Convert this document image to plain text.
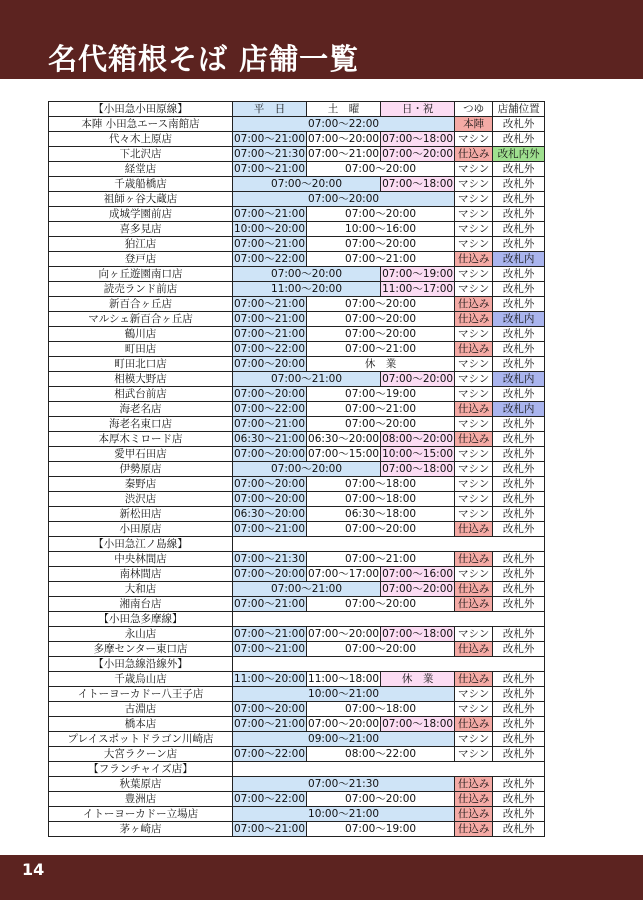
名代箱根そば 店舗一覧
【小田急小田原線】	平　日	土　曜	日・祝	つゆ	店舗位置
本陣 小田急エース南館店	07:00〜22:00			本陣	改札外
代々木上原店	07:00〜21:00	07:00〜20:00	07:00〜18:00	マシン	改札外
下北沢店	07:00〜21:30	07:00〜21:00	07:00〜20:00	仕込み	改札内外
経堂店	07:00〜21:00	07:00〜20:00		マシン	改札外
千歳船橋店	07:00〜20:00		07:00〜18:00	マシン	改札外
祖師ヶ谷大蔵店	07:00〜20:00			マシン	改札外
成城学園前店	07:00〜21:00	07:00〜20:00		マシン	改札外
喜多見店	10:00〜20:00	10:00〜16:00		マシン	改札外
狛江店	07:00〜21:00	07:00〜20:00		マシン	改札外
登戸店	07:00〜22:00	07:00〜21:00		仕込み	改札内
向ヶ丘遊園南口店	07:00〜20:00		07:00〜19:00	マシン	改札外
読売ランド前店	11:00〜20:00		11:00〜17:00	マシン	改札外
新百合ヶ丘店	07:00〜21:00	07:00〜20:00		仕込み	改札外
マルシェ新百合ヶ丘店	07:00〜21:00	07:00〜20:00		仕込み	改札内
鶴川店	07:00〜21:00	07:00〜20:00		マシン	改札外
町田店	07:00〜22:00	07:00〜21:00		仕込み	改札外
町田北口店	07:00〜20:00	休　業		マシン	改札外
相模大野店	07:00〜21:00		07:00〜20:00	マシン	改札内
相武台前店	07:00〜20:00	07:00〜19:00		マシン	改札外
海老名店	07:00〜22:00	07:00〜21:00		仕込み	改札内
海老名東口店	07:00〜21:00	07:00〜20:00		マシン	改札外
本厚木ミロード店	06:30〜21:00	06:30〜20:00	08:00〜20:00	仕込み	改札外
愛甲石田店	07:00〜20:00	07:00〜15:00	10:00〜15:00	マシン	改札外
伊勢原店	07:00〜20:00		07:00〜18:00	マシン	改札外
秦野店	07:00〜20:00	07:00〜18:00		マシン	改札外
渋沢店	07:00〜20:00	07:00〜18:00		マシン	改札外
新松田店	06:30〜20:00	06:30〜18:00		マシン	改札外
小田原店	07:00〜21:00	07:00〜20:00		仕込み	改札外
【小田急江ノ島線】					
中央林間店	07:00〜21:30	07:00〜21:00		仕込み	改札外
南林間店	07:00〜20:00	07:00〜17:00	07:00〜16:00	マシン	改札外
大和店	07:00〜21:00		07:00〜20:00	仕込み	改札外
湘南台店	07:00〜21:00	07:00〜20:00		仕込み	改札外
【小田急多摩線】					
永山店	07:00〜21:00	07:00〜20:00	07:00〜18:00	マシン	改札外
多摩センター東口店	07:00〜21:00	07:00〜20:00		仕込み	改札外
【小田急線沿線外】					
千歳烏山店	11:00〜20:00	11:00〜18:00	休　業	仕込み	改札外
イトーヨーカドー八王子店	10:00〜21:00			マシン	改札外
古淵店	07:00〜20:00	07:00〜18:00		マシン	改札外
橋本店	07:00〜21:00	07:00〜20:00	07:00〜18:00	仕込み	改札外
プレイスポットドラゴン川崎店	09:00〜21:00			マシン	改札外
大宮ラクーン店	07:00〜22:00	08:00〜22:00		マシン	改札外
【フランチャイズ店】					
秋葉原店	07:00〜21:30			仕込み	改札外
豊洲店	07:00〜22:00	07:00〜20:00		仕込み	改札外
イトーヨーカドー立場店	10:00〜21:00			仕込み	改札外
茅ヶ崎店	07:00〜21:00	07:00〜19:00		仕込み	改札外
14
